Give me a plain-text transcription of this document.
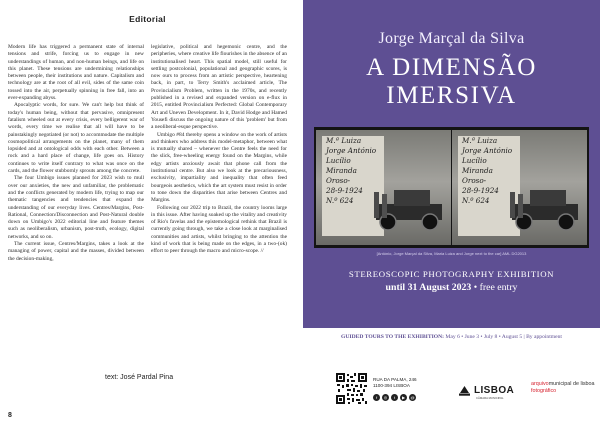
Editorial

Modern life has triggered a permanent state of internal tensions and strife, forcing us to engage in new understandings of human, and non-human beings, and life on this planet. These tensions are undermining relationships between people, their institutions and nature. Capitalism and technology are at the root of all evil, sides of the same coin tossed into the air, perpetually spinning in free fall, into an ever-expanding abyss.

Apocalyptic words, for sure. We can't help but think of today's human being, without that pervasive, omnipresent fatalism wheeled out at every crisis, every belligerent war of words, every time we realise that all will have to be painstakingly negotiated (or not) to accommodate the multiple cosmopolitical arrangements on the planet, many of them lopsided and at ontological odds with each other. Between a rock and a hard place of change, life goes on. History continues to write itself contrary to what was once on the cards, and the flower stubbornly sprouts among the concrete.

The four Umbigo issues planned for 2023 wish to mull over our anxieties, the new and unfamiliar, the problematic and the conflicts generated by modern life, trying to map our thematic tangencies and tendencies that expand the understanding of our everyday lives. Centres/Margins, Post-Rational, Connection/Disconnection and Post-Natural double down on Umbigo's 2022 editorial line and feature themes such as neoliberalism, urbanism, post-truth, ecology, digital networks, and so on.

The current issue, Centres/Margins, takes a look at the managing of power, capital and the masses, divided between the decision-making,

legislative, political and hegemonic centre, and the peripheries, where creative life flourishes in the absence of an institutionalised heart. This spatial model, still useful for settling postcolonial, populational and geographic scores, is now ours to process from an artistic perspective, heartening back, in part, to Terry Smith's acclaimed article, The Provincialism Problem, written in the 1970s, and recently published in a revised and expanded version on e-flux in 2015, entitled Provincialism Perfected: Global Contemporary Art and Uneven Development. In it, David Hodge and Hamed Yousefi discuss the ongoing nature of this 'problem' but from a neoliberal-esque perspective.

Umbigo #84 thereby opens a window on the work of artists and thinkers who address this model-metaphor, between what is mutually shared – whenever the Centre feels the need for the slick, free-wheeling energy found on the Margins, while edgy artists anxiously await that phone call from the institutional centre. But also we look at the precariousness, exclusivity, impartiality and inequality that often feed bourgeois aesthetics, which the art system must resist in order to tone down the disparities that arise between Centres and Margins.

Following our 2022 trip to Brazil, the country looms large in this issue. After having soaked up the vitality and creativity of Rio's favelas and the epistemological rethink that Brazil is currently going through, we take a close look at marginalised communities and artists, whilst bringing to the attention the kind of work that is being made on the edges, in a two-(ok) effort to peer through the macro and micro-scope. //

text: José Pardal Pina
8
Jorge Marçal da Silva
A DIMENSÃO
IMERSIVA
M.ª Luiza
Jorge António
Lucílio
Miranda
Oroso-
28-9-1924
N.º 624
M.ª Luiza
Jorge António
Lucílio
Miranda
Oroso-
28-9-1924
N.º 624
[António, Jorge Marçal da Silva, Maria Luiza and Jorge next to the car] AML DG2013
STEREOSCOPIC PHOTOGRAPHY EXHIBITION
until 31 August 2023 • free entry
GUIDED TOURS TO THE EXHIBITION: May 6 • June 3 • July 8 • August 5 | By appointment
RUA DA PALMA, 246
1100-394 LISBOA
f	◎	t	▶	@
LISBOA
CÂMARA MUNICIPAL
arquivomunicipal de lisboa
fotográfico
